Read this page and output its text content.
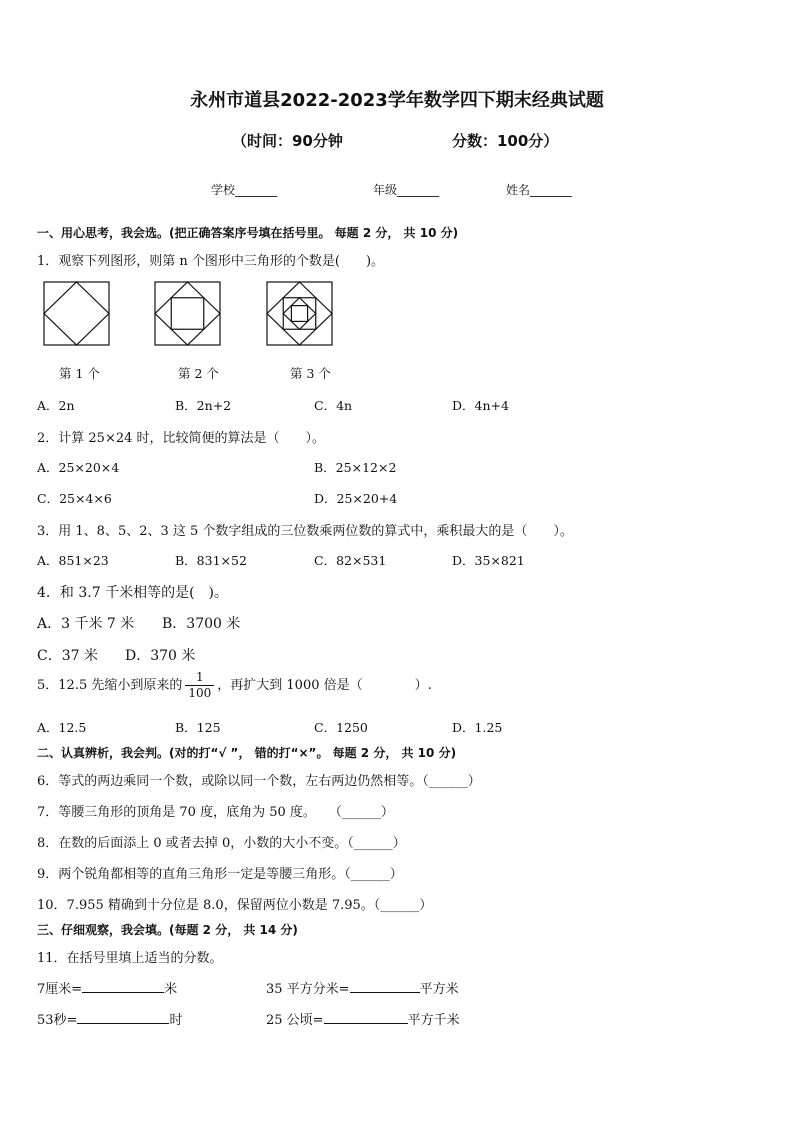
永州市道县2022-2023学年数学四下期末经典试题
（时间：90分钟	分数：100分）
学校_______	年级_______	姓名_______
一、用心思考，我会选。(把正确答案序号填在括号里。 每题 2 分， 共 10 分)
1．观察下列图形，则第 n 个图形中三角形的个数是(　　)。
第 1 个	第 2 个	第 3 个
A．2n	B．2n+2	C．4n	D．4n+4
2．计算 25×24 时，比较简便的算法是（　　）。
A．25×20×4	B．25×12×2
C．25×4×6	D．25×20+4
3．用 1、8、5、2、3 这 5 个数字组成的三位数乘两位数的算式中，乘积最大的是（　　）。
A．851×23	B．831×52	C．82×531	D．35×821
4．和 3.7 千米相等的是(　)。
A．3 千米 7 米 B．3700 米
C．37 米 D．370 米
5．12.5 先缩小到原来的 $\frac{1}{100}$ ，再扩大到 1000 倍是（　　　　）.
A．12.5	B．125	C．1250	D．1.25
二、认真辨析，我会判。(对的打“√ ”， 错的打“×”。 每题 2 分， 共 10 分)
6．等式的两边乘同一个数，或除以同一个数，左右两边仍然相等。（______）
7．等腰三角形的顶角是 70 度，底角为 50 度。　　（______）
8．在数的后面添上 0 或者去掉 0，小数的大小不变。（______）
9．两个锐角都相等的直角三角形一定是等腰三角形。（______）
10．7.955 精确到十分位是 8.0，保留两位小数是 7.95。（______）
三、仔细观察，我会填。(每题 2 分， 共 14 分)
11．在括号里填上适当的分数。
7厘米=	米	35 平方分米=	平方米
53秒=	时	25 公顷=	平方千米
